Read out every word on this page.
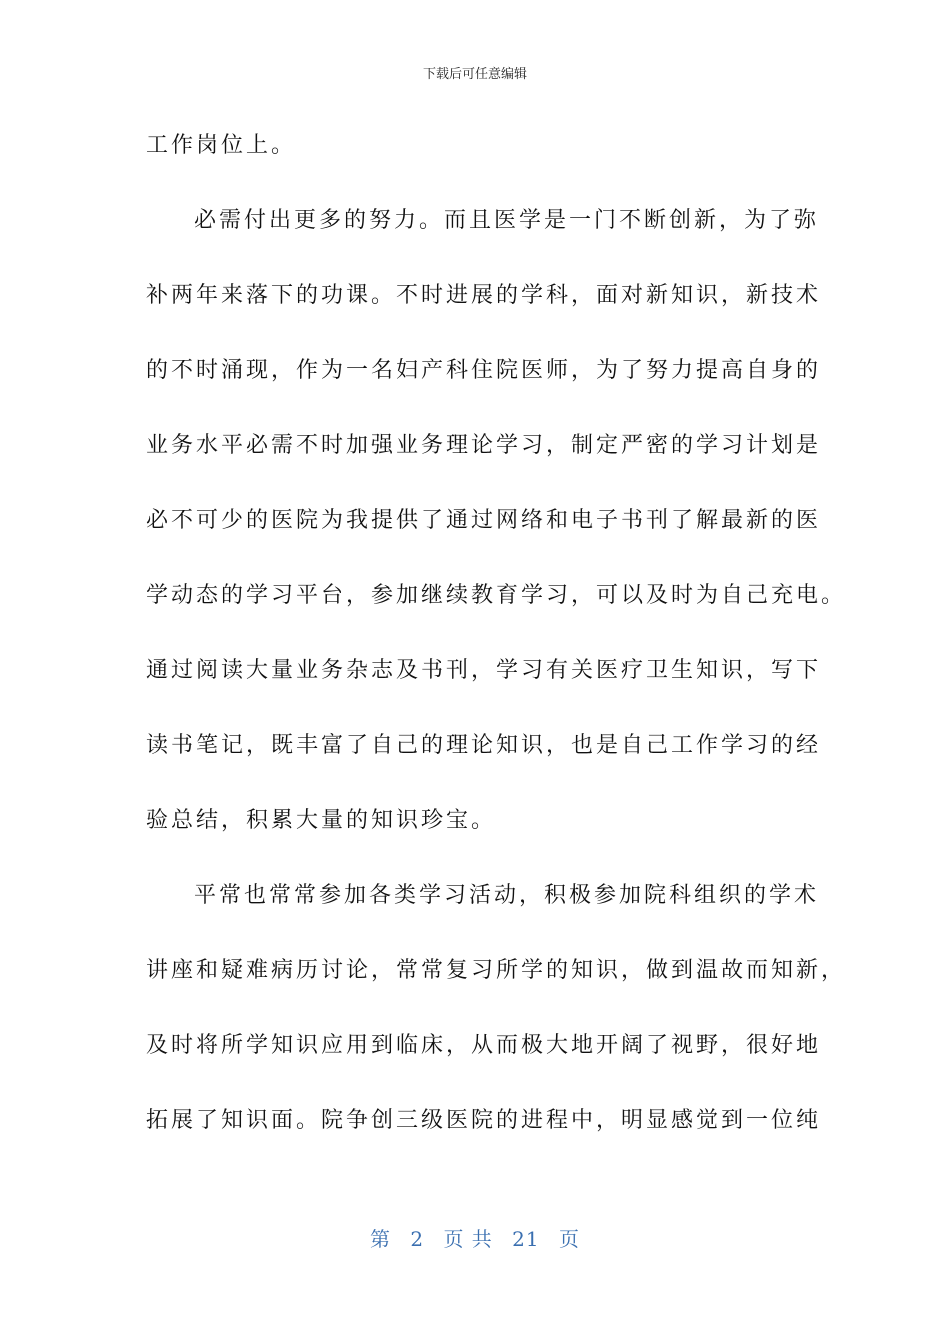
下载后可任意编辑
工作岗位上。
必需付出更多的努力。而且医学是一门不断创新，为了弥
补两年来落下的功课。不时进展的学科，面对新知识，新技术
的不时涌现，作为一名妇产科住院医师，为了努力提高自身的
业务水平必需不时加强业务理论学习，制定严密的学习计划是
必不可少的医院为我提供了通过网络和电子书刊了解最新的医
学动态的学习平台，参加继续教育学习，可以及时为自己充电。
通过阅读大量业务杂志及书刊，学习有关医疗卫生知识，写下
读书笔记，既丰富了自己的理论知识，也是自己工作学习的经
验总结，积累大量的知识珍宝。
平常也常常参加各类学习活动，积极参加院科组织的学术
讲座和疑难病历讨论，常常复习所学的知识，做到温故而知新，
及时将所学知识应用到临床，从而极大地开阔了视野，很好地
拓展了知识面。院争创三级医院的进程中，明显感觉到一位纯
第 2 页 共 21 页
